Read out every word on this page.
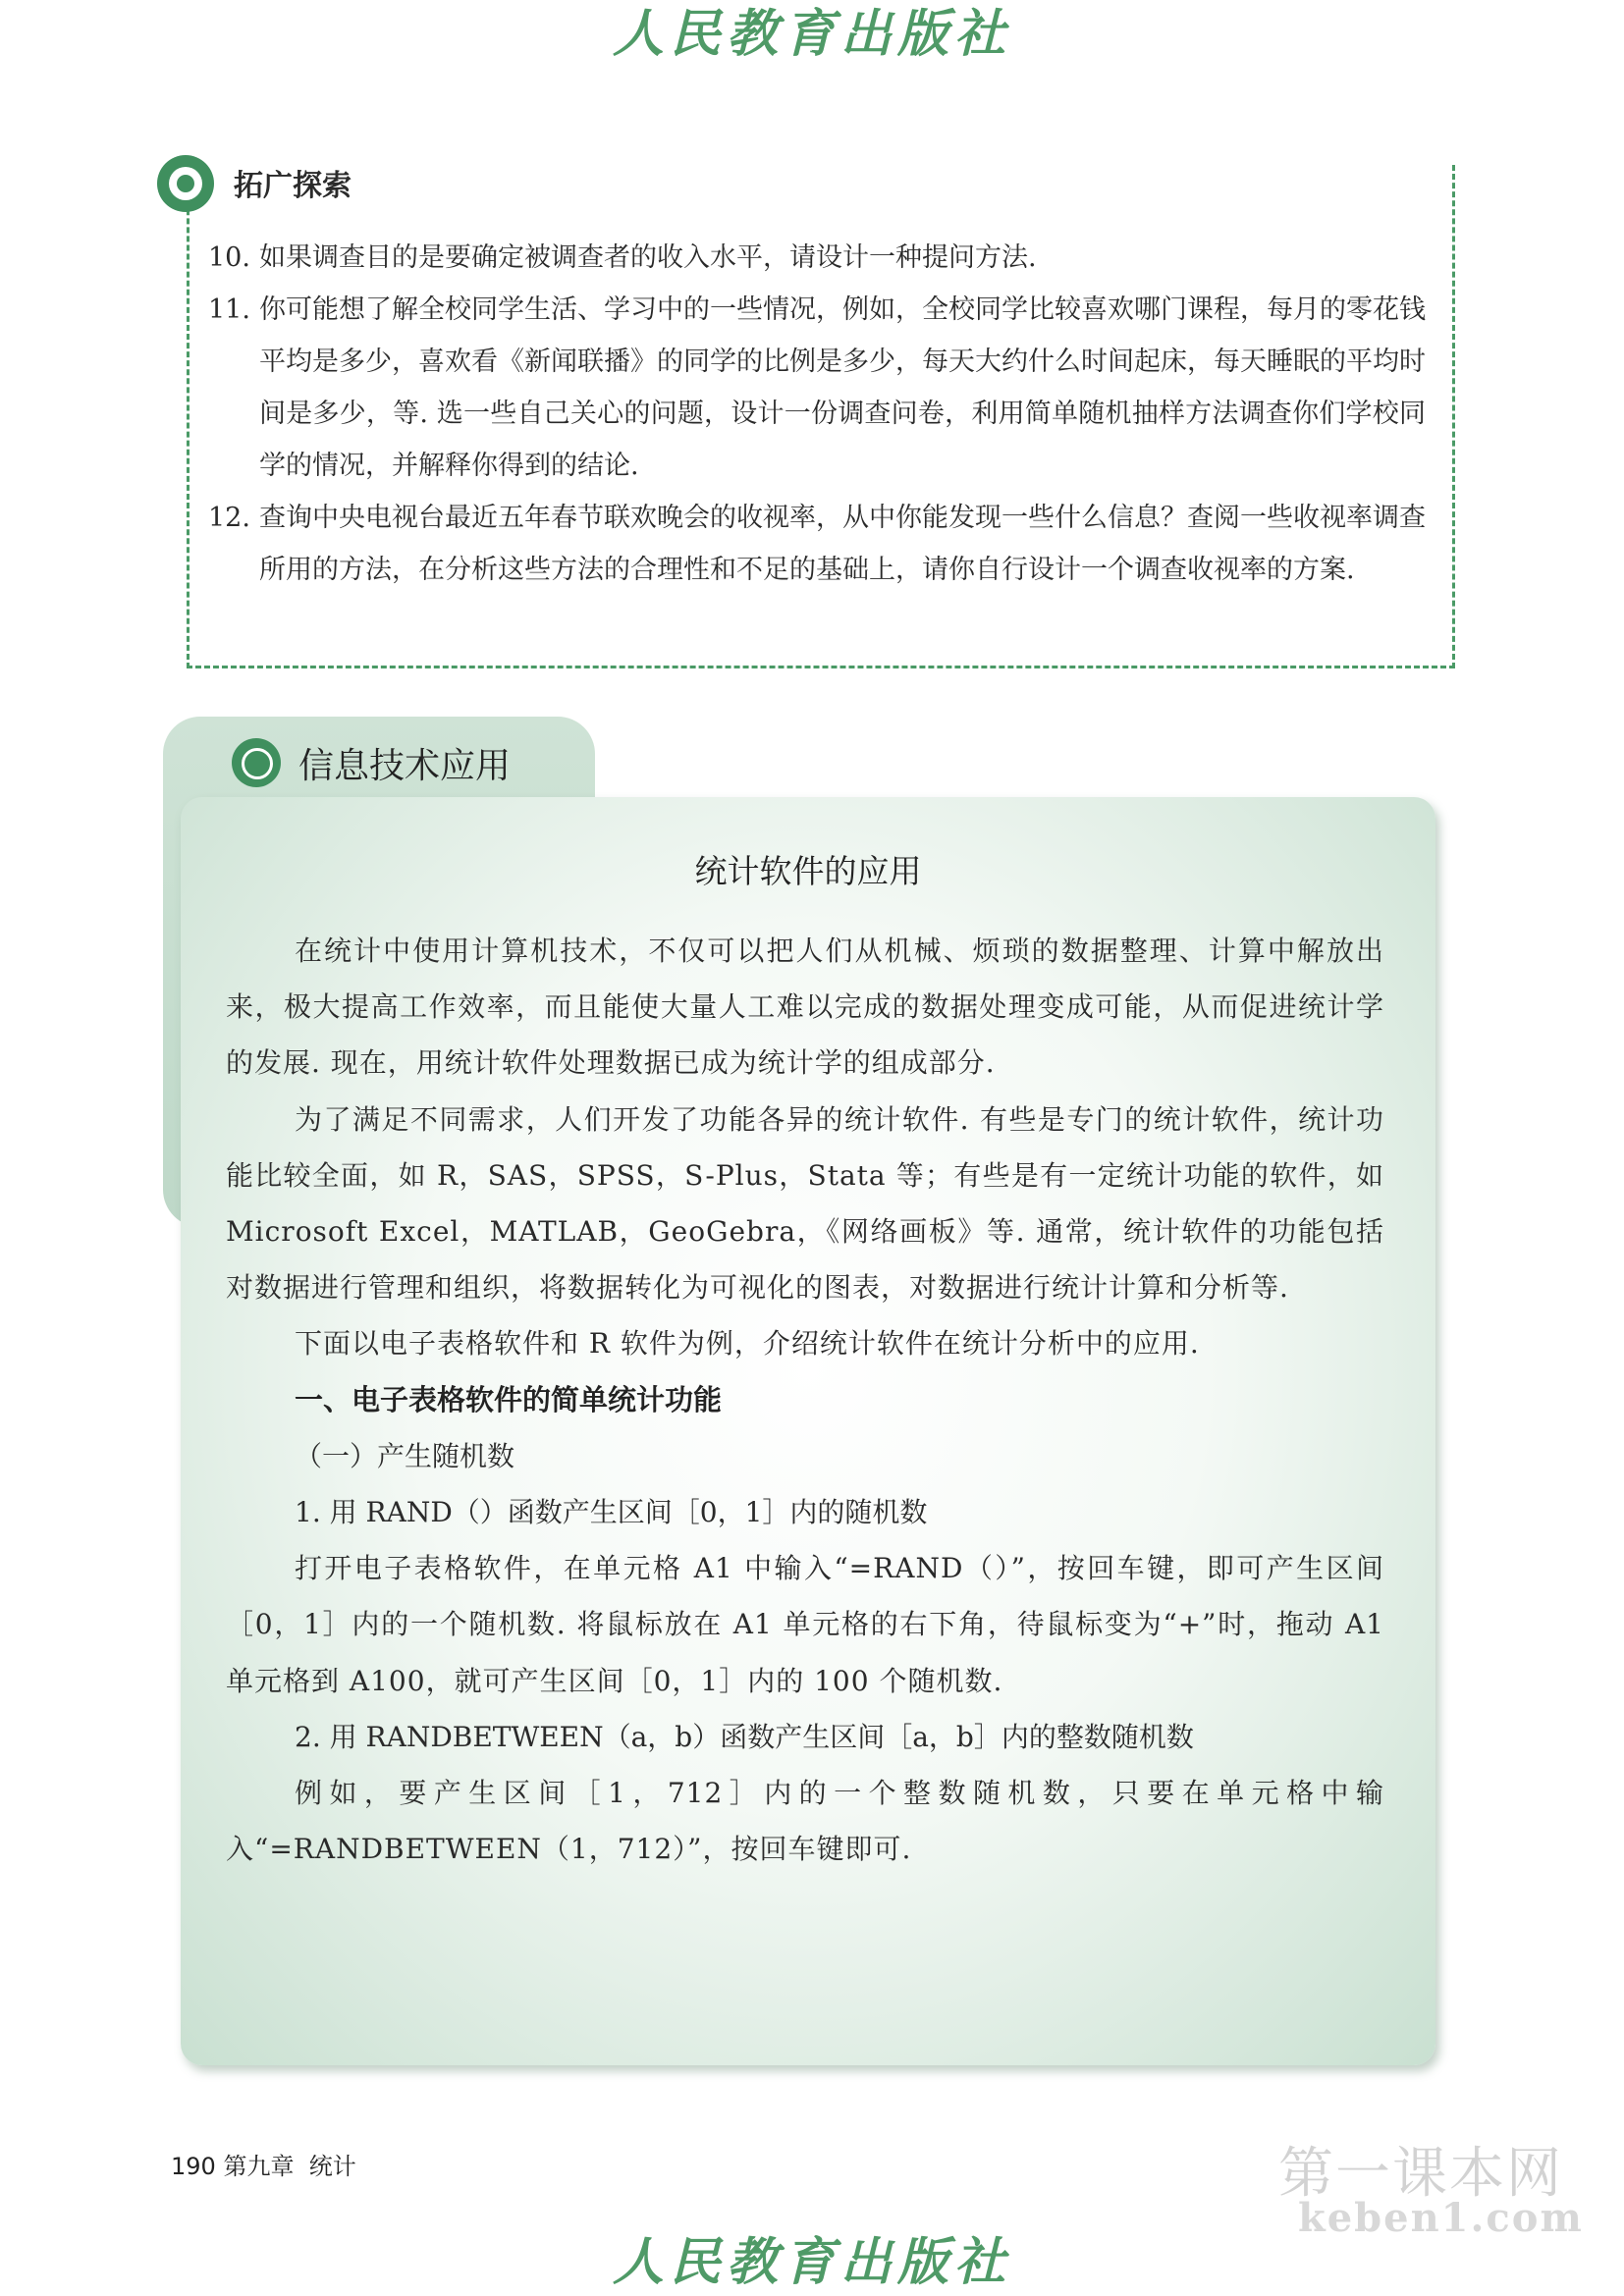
人民教育出版社
拓广探索
10. 如果调查目的是要确定被调查者的收入水平，请设计一种提问方法.
11. 你可能想了解全校同学生活、学习中的一些情况，例如，全校同学比较喜欢哪门课程，每月的零花钱平均是多少，喜欢看《新闻联播》的同学的比例是多少，每天大约什么时间起床，每天睡眠的平均时间是多少，等. 选一些自己关心的问题，设计一份调查问卷，利用简单随机抽样方法调查你们学校同学的情况，并解释你得到的结论.
12. 查询中央电视台最近五年春节联欢晚会的收视率，从中你能发现一些什么信息？查阅一些收视率调查所用的方法，在分析这些方法的合理性和不足的基础上，请你自行设计一个调查收视率的方案.
信息技术应用
统计软件的应用

在统计中使用计算机技术，不仅可以把人们从机械、烦琐的数据整理、计算中解放出来，极大提高工作效率，而且能使大量人工难以完成的数据处理变成可能，从而促进统计学的发展. 现在，用统计软件处理数据已成为统计学的组成部分.

为了满足不同需求，人们开发了功能各异的统计软件. 有些是专门的统计软件，统计功能比较全面，如 R，SAS，SPSS，S-Plus，Stata 等；有些是有一定统计功能的软件，如 Microsoft Excel，MATLAB，GeoGebra，《网络画板》等. 通常，统计软件的功能包括对数据进行管理和组织，将数据转化为可视化的图表，对数据进行统计计算和分析等.

下面以电子表格软件和 R 软件为例，介绍统计软件在统计分析中的应用.

一、电子表格软件的简单统计功能

（一）产生随机数

1. 用 RAND（）函数产生区间［0，1］内的随机数

打开电子表格软件，在单元格 A1 中输入“=RAND（）”，按回车键，即可产生区间［0，1］内的一个随机数. 将鼠标放在 A1 单元格的右下角，待鼠标变为“+”时，拖动 A1 单元格到 A100，就可产生区间［0，1］内的 100 个随机数.

2. 用 RANDBETWEEN（a，b）函数产生区间［a，b］内的整数随机数

例如，要产生区间［1，712］内的一个整数随机数，只要在单元格中输入“=RANDBETWEEN（1，712）”，按回车键即可.

190 第九章 统计	第一课本网
keben1.com
人民教育出版社
